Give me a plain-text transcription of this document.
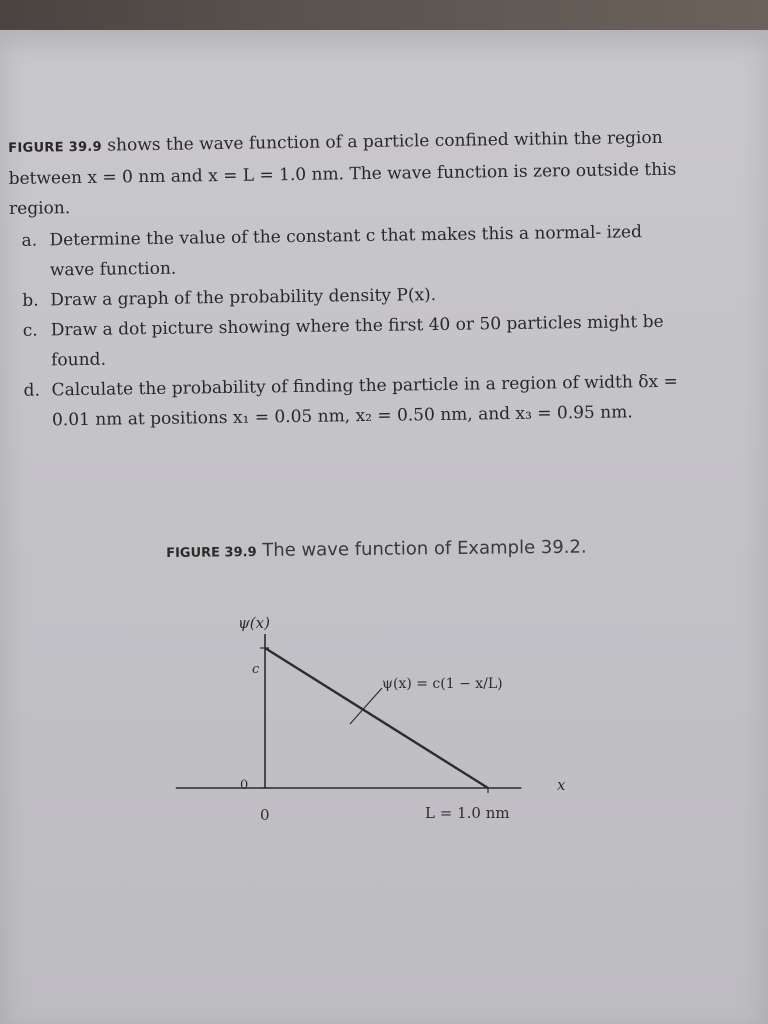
FIGURE 39.9 shows the wave function of a particle confined within the region between x = 0 nm and x = L = 1.0 nm. The wave function is zero outside this region.

a. Determine the value of the constant c that makes this a normal- ized wave function.
b. Draw a graph of the probability density P(x).
c. Draw a dot picture showing where the first 40 or 50 particles might be found.
d. Calculate the probability of finding the particle in a region of width δx = 0.01 nm at positions x₁ = 0.05 nm, x₂ = 0.50 nm, and x₃ = 0.95 nm.
FIGURE 39.9 The wave function of Example 39.2.
ψ(x)
c
ψ(x) = c(1 − x/L)
0
0	L = 1.0 nm
x
